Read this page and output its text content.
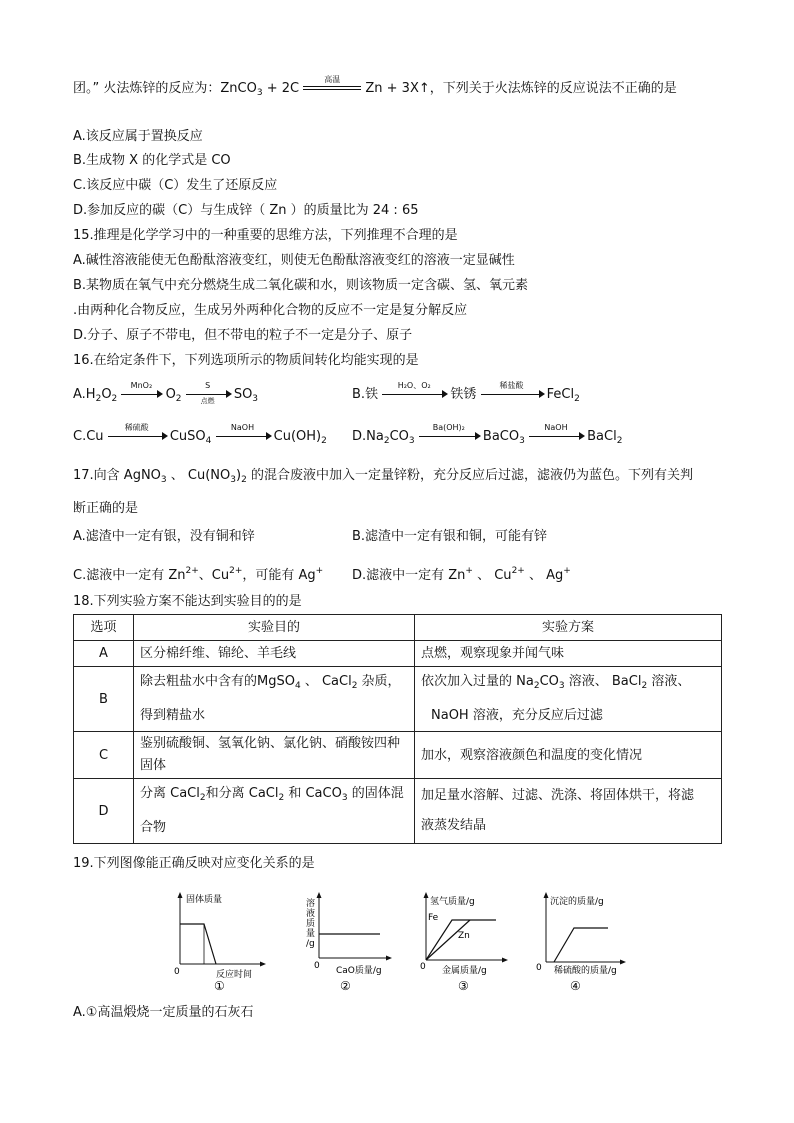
团。” 火法炼锌的反应为：ZnCO$_3$ + 2C
高温
Zn + 3X↑，下列关于火法炼锌的反应说法不正确的是
A.该反应属于置换反应
B.生成物 X 的化学式是 CO
C.该反应中碳（C）发生了还原反应
D.参加反应的碳（C）与生成锌（ Zn ）的质量比为 24 : 65
15.推理是化学学习中的一种重要的思维方法，下列推理不合理的是
A.碱性溶液能使无色酚酞溶液变红，则使无色酚酞溶液变红的溶液一定显碱性
B.某物质在氧气中充分燃烧生成二氧化碳和水，则该物质一定含碳、氢、氧元素
.由两种化合物反应，生成另外两种化合物的反应不一定是复分解反应
D.分子、原子不带电，但不带电的粒子不一定是分子、原子
16.在给定条件下，下列选项所示的物质间转化均能实现的是
$A.H_2O_2$
MnO₂
$O_2$
S
点燃	$SO_3$	B.铁
H₂O、O₂
铁锈
稀盐酸
FeCl$_2$
C.Cu
稀硫酸
CuSO$_4$
NaOH
$Cu(OH)_2$ $D.Na_2CO_3$
Ba(OH)₂
BaCO$_3$
NaOH
BaCl$_2$
17.向含 AgNO$_3$ 、 $Cu(NO_3)_2$ 的混合废液中加入一定量锌粉，充分反应后过滤，滤液仍为蓝色。下列有关判
断正确的是
A.滤渣中一定有银，没有铜和锌	B.滤渣中一定有银和铜，可能有锌
C.滤液中一定有 $Zn^{2+}$、$Cu^{2+}$，可能有 Ag+ D.滤液中一定有 Zn+ 、 $Cu^{2+}$ 、 Ag+
18.下列实验方案不能达到实验目的的是
选项	实验目的	实验方案
A	区分棉纤维、锦纶、羊毛线	点燃，观察现象并闻气味
B	除去粗盐水中含有的MgSO$_4$ 、 CaCl$_2$ 杂质，
得到精盐水	依次加入过量的 $Na_2CO_3$ 溶液、 BaCl$_2$ 溶液、
NaOH 溶液，充分反应后过滤
C	鉴别硫酸铜、氢氧化钠、氯化钠、硝酸铵四种
固体	加水，观察溶液颜色和温度的变化情况
D	分离 CaCl$_2$和分离 CaCl$_2$ 和 CaCO$_3$ 的固体混
合物	加足量水溶解、过滤、洗涤、将固体烘干，将滤
液蒸发结晶
19.下列图像能正确反映对应变化关系的是
固体质量
反应时间
0
①
溶
液
质
量
/g
CaO质量/g
0
②
氢气质量/g
Fe
Zn
金属质量/g
0
③
沉淀的质量/g
稀硫酸的质量/g
0
④
A.①高温煅烧一定质量的石灰石
